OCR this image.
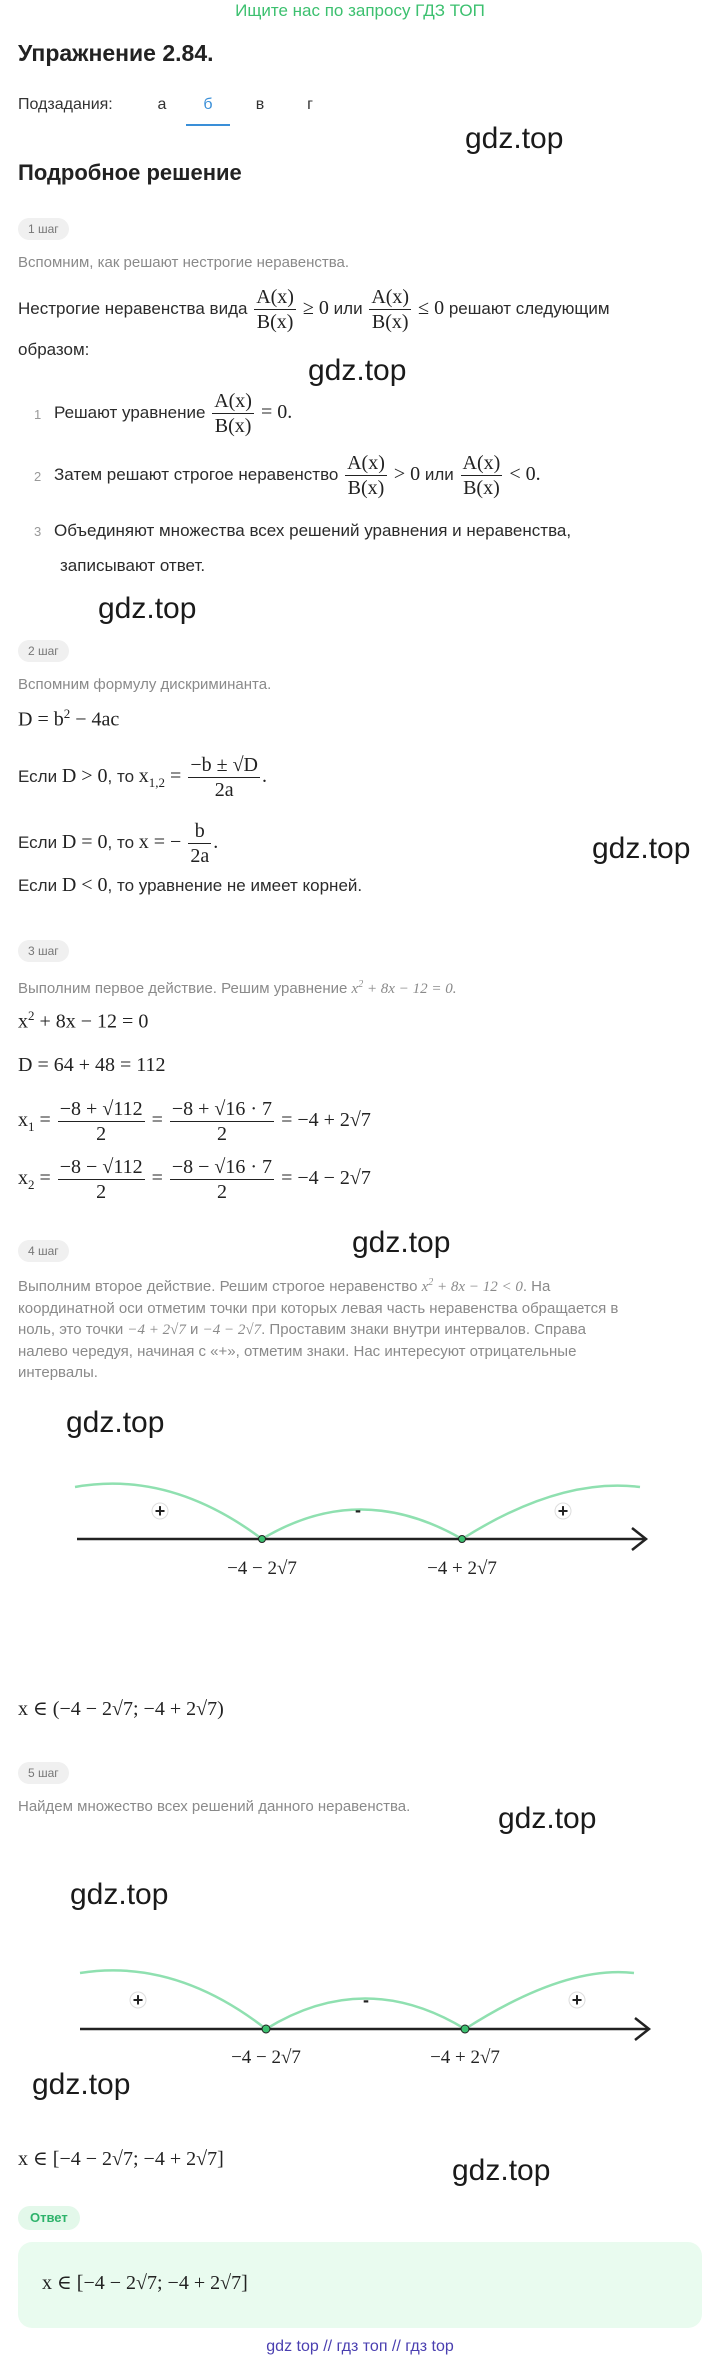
Ищите нас по запросу ГДЗ ТОП
Упражнение 2.84.
Подзадания:	а	б	в	г
gdz.top
Подробное решение
1 шаг
Вспомним, как решают нестрогие неравенства.
Нестрогие неравенства вида $\frac{A(x)}{B(x)} \ge 0$ или $\frac{A(x)}{B(x)} \le 0$ решают следующим
образом:
gdz.top
1 Решают уравнение $\frac{A(x)}{B(x)} = 0$.
2 Затем решают строгое неравенство $\frac{A(x)}{B(x)} > 0$ или $\frac{A(x)}{B(x)} < 0$.
3 Объединяют множества всех решений уравнения и неравенства,
записывают ответ.
gdz.top
2 шаг
Вспомним формулу дискриминанта.
$D = b^2 - 4ac$
Если D > 0, то $x_{1,2} = \frac{-b \pm √D}{2a}$ .
Если D = 0, то x = − $\frac{b}{2a}$ .	gdz.top
Если D < 0, то уравнение не имеет корней.
3 шаг
Выполним первое действие. Решим уравнение $x^2 + 8x - 12 = 0$.
$x^2 + 8x - 12 = 0$
D = 64 + 48 = 112
$x_1 = \frac{-8 + √112}{2} = \frac{-8 + √16 \cdot 7}{2} = -4 + 2√7$
$x_2 = \frac{-8 - √112}{2} = \frac{-8 - √16 \cdot 7}{2} = -4 - 2√7$
gdz.top
4 шаг
Выполним второе действие. Решим строгое неравенство $x^2 + 8x - 12 < 0$. На
координатной оси отметим точки при которых левая часть неравенства обращается в
ноль, это точки −4 + 2√7 и −4 − 2√7. Проставим знаки внутри интервалов. Справа
налево чередуя, начиная с «+», отметим знаки. Нас интересуют отрицательные
интервалы.
gdz.top
+	-	+
−4 − 2√7	−4 + 2√7
x ∈ (−4 − 2√7; −4 + 2√7)
5 шаг
Найдем множество всех решений данного неравенства.	gdz.top
gdz.top
+	-	+
−4 − 2√7	−4 + 2√7
gdz.top
x ∈ [−4 − 2√7; −4 + 2√7]	gdz.top
Ответ
x ∈ [−4 − 2√7; −4 + 2√7]
gdz top // гдз топ // гдз top
